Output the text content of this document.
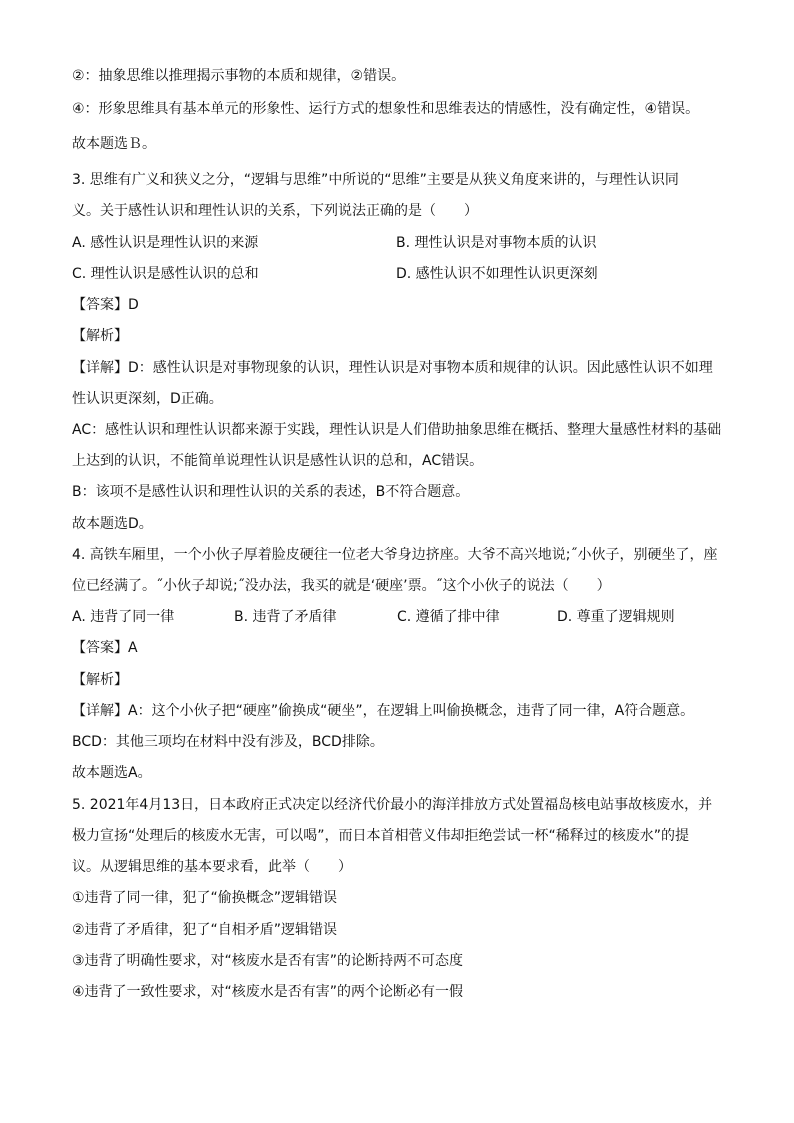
②：抽象思维以推理揭示事物的本质和规律，②错误。
④：形象思维具有基本单元的形象性、运行方式的想象性和思维表达的情感性，没有确定性，④错误。
故本题选Ｂ。
3. 思维有广义和狭义之分，“逻辑与思维”中所说的“思维”主要是从狭义角度来讲的，与理性认识同
义。关于感性认识和理性认识的关系，下列说法正确的是（　　）
A. 感性认识是理性认识的来源	B. 理性认识是对事物本质的认识
C. 理性认识是感性认识的总和	D. 感性认识不如理性认识更深刻
【答案】D
【解析】
【详解】D：感性认识是对事物现象的认识，理性认识是对事物本质和规律的认识。因此感性认识不如理
性认识更深刻，D正确。
AC：感性认识和理性认识都来源于实践，理性认识是人们借助抽象思维在概括、整理大量感性材料的基础
上达到的认识，不能简单说理性认识是感性认识的总和，AC错误。
B：该项不是感性认识和理性认识的关系的表述，B不符合题意。
故本题选D。
4. 高铁车厢里，一个小伙子厚着脸皮硬往一位老大爷身边挤座。大爷不高兴地说;˝小伙子，别硬坐了，座
位已经满了。˝小伙子却说;˝没办法，我买的就是‘硬座’票。˝这个小伙子的说法（　　）
A. 违背了同一律	B. 违背了矛盾律	C. 遵循了排中律	D. 尊重了逻辑规则
【答案】A
【解析】
【详解】A：这个小伙子把“硬座”偷换成“硬坐”，在逻辑上叫偷换概念，违背了同一律，A符合题意。
BCD：其他三项均在材料中没有涉及，BCD排除。
故本题选A。
5. 2021年4月13日，日本政府正式决定以经济代价最小的海洋排放方式处置福岛核电站事故核废水，并
极力宣扬“处理后的核废水无害，可以喝”，而日本首相菅义伟却拒绝尝试一杯“稀释过的核废水”的提
议。从逻辑思维的基本要求看，此举（　　）
①违背了同一律，犯了“偷换概念”逻辑错误
②违背了矛盾律，犯了“自相矛盾”逻辑错误
③违背了明确性要求，对“核废水是否有害”的论断持两不可态度
④违背了一致性要求，对“核废水是否有害”的两个论断必有一假
